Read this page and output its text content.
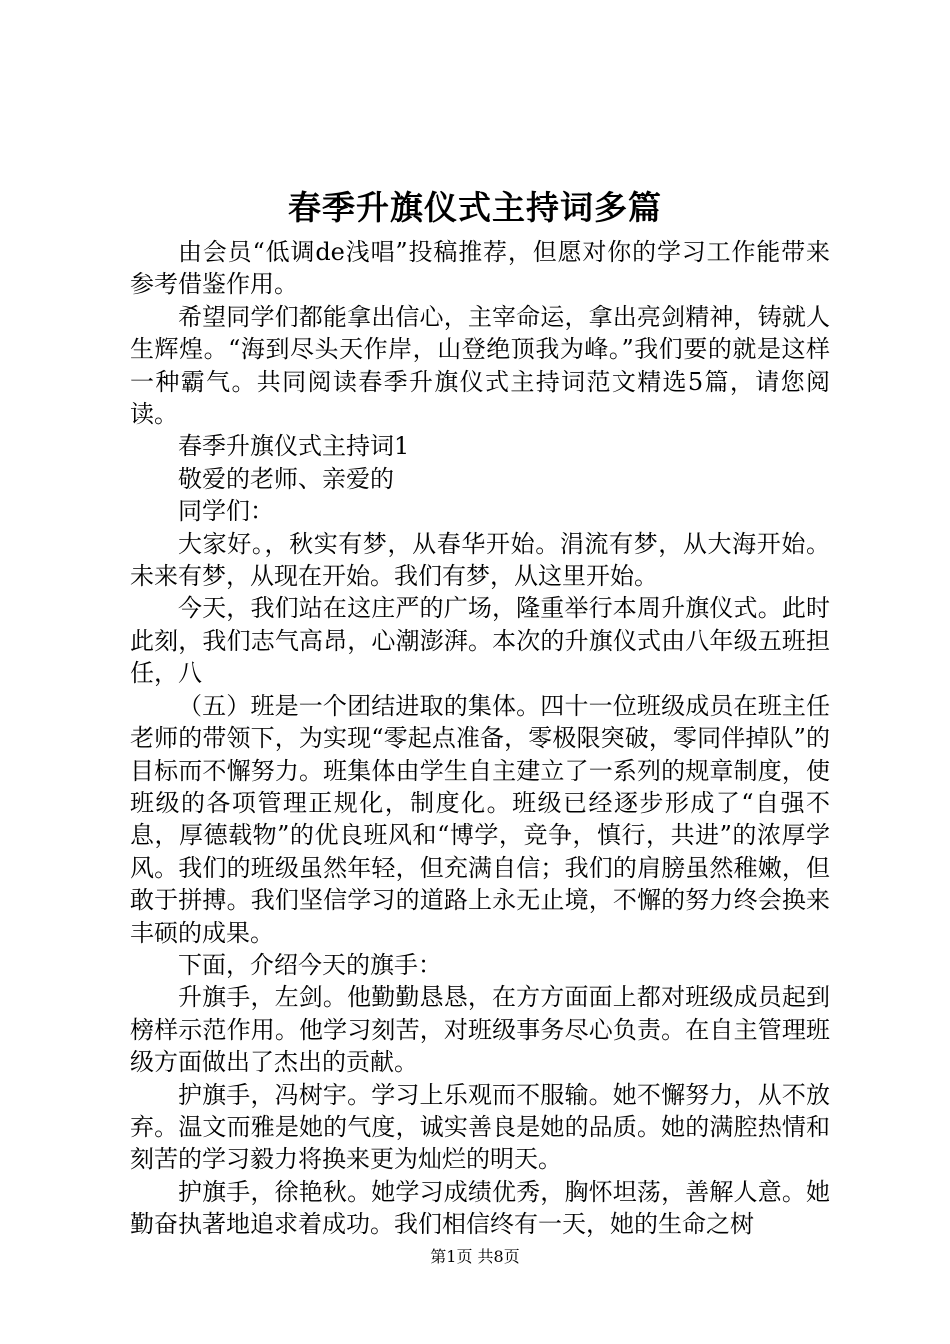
春季升旗仪式主持词多篇

由会员“低调de浅唱”投稿推荐，但愿对你的学习工作能带来参考借鉴作用。

希望同学们都能拿出信心，主宰命运，拿出亮剑精神，铸就人生辉煌。“海到尽头天作岸，山登绝顶我为峰。”我们要的就是这样一种霸气。共同阅读春季升旗仪式主持词范文精选5篇，请您阅读。

春季升旗仪式主持词1

敬爱的老师、亲爱的

同学们：

大家好。，秋实有梦，从春华开始。涓流有梦，从大海开始。未来有梦，从现在开始。我们有梦，从这里开始。

今天，我们站在这庄严的广场，隆重举行本周升旗仪式。此时此刻，我们志气高昂，心潮澎湃。本次的升旗仪式由八年级五班担任，八

（五）班是一个团结进取的集体。四十一位班级成员在班主任老师的带领下，为实现“零起点准备，零极限突破，零同伴掉队”的目标而不懈努力。班集体由学生自主建立了一系列的规章制度，使班级的各项管理正规化，制度化。班级已经逐步形成了“自强不息，厚德载物”的优良班风和“博学，竞争，慎行，共进”的浓厚学风。我们的班级虽然年轻，但充满自信；我们的肩膀虽然稚嫩，但敢于拼搏。我们坚信学习的道路上永无止境，不懈的努力终会换来丰硕的成果。

下面，介绍今天的旗手：

升旗手，左剑。他勤勤恳恳，在方方面面上都对班级成员起到榜样示范作用。他学习刻苦，对班级事务尽心负责。在自主管理班级方面做出了杰出的贡献。

护旗手，冯树宇。学习上乐观而不服输。她不懈努力，从不放弃。温文而雅是她的气度，诚实善良是她的品质。她的满腔热情和刻苦的学习毅力将换来更为灿烂的明天。

护旗手，徐艳秋。她学习成绩优秀，胸怀坦荡，善解人意。她勤奋执著地追求着成功。我们相信终有一天，她的生命之树

第1页 共8页
